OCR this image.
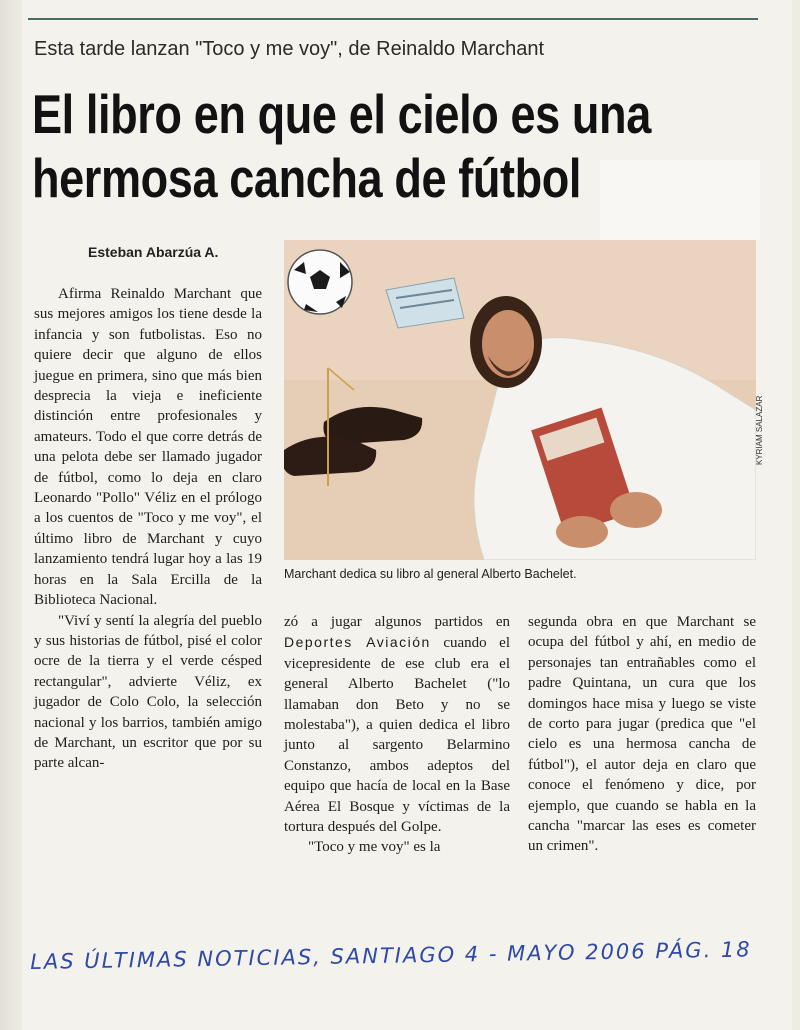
Esta tarde lanzan "Toco y me voy", de Reinaldo Marchant
El libro en que el cielo es una
hermosa cancha de fútbol
Esteban Abarzúa A.
KYRIAM SALAZAR
Marchant dedica su libro al general Alberto Bachelet.

Afirma Reinaldo Marchant que sus mejores amigos los tiene desde la infancia y son futbolistas. Eso no quiere decir que alguno de ellos juegue en primera, sino que más bien desprecia la vieja e ineficiente distinción entre profesionales y amateurs. Todo el que corre detrás de una pelota debe ser llamado jugador de fútbol, como lo deja en claro Leonardo "Pollo" Véliz en el prólogo a los cuentos de "Toco y me voy", el último libro de Marchant y cuyo lanzamiento tendrá lugar hoy a las 19 horas en la Sala Ercilla de la Biblioteca Nacional.

"Viví y sentí la alegría del pueblo y sus historias de fútbol, pisé el color ocre de la tierra y el verde césped rectangular", advierte Véliz, ex jugador de Colo Colo, la selección nacional y los barrios, también amigo de Marchant, un escritor que por su parte alcan-

zó a jugar algunos partidos en Deportes Aviación cuando el vicepresidente de ese club era el general Alberto Bachelet ("lo llamaban don Beto y no se molestaba"), a quien dedica el libro junto al sargento Belarmino Constanzo, ambos adeptos del equipo que hacía de local en la Base Aérea El Bosque y víctimas de la tortura después del Golpe.

"Toco y me voy" es la

segunda obra en que Marchant se ocupa del fútbol y ahí, en medio de personajes tan entrañables como el padre Quintana, un cura que los domingos hace misa y luego se viste de corto para jugar (predica que "el cielo es una hermosa cancha de fútbol"), el autor deja en claro que conoce el fenómeno y dice, por ejemplo, que cuando se habla en la cancha "marcar las eses es cometer un crimen".

LAS ÚLTIMAS NOTICIAS, SANTIAGO 4 - MAYO 2006 PÁG. 18
